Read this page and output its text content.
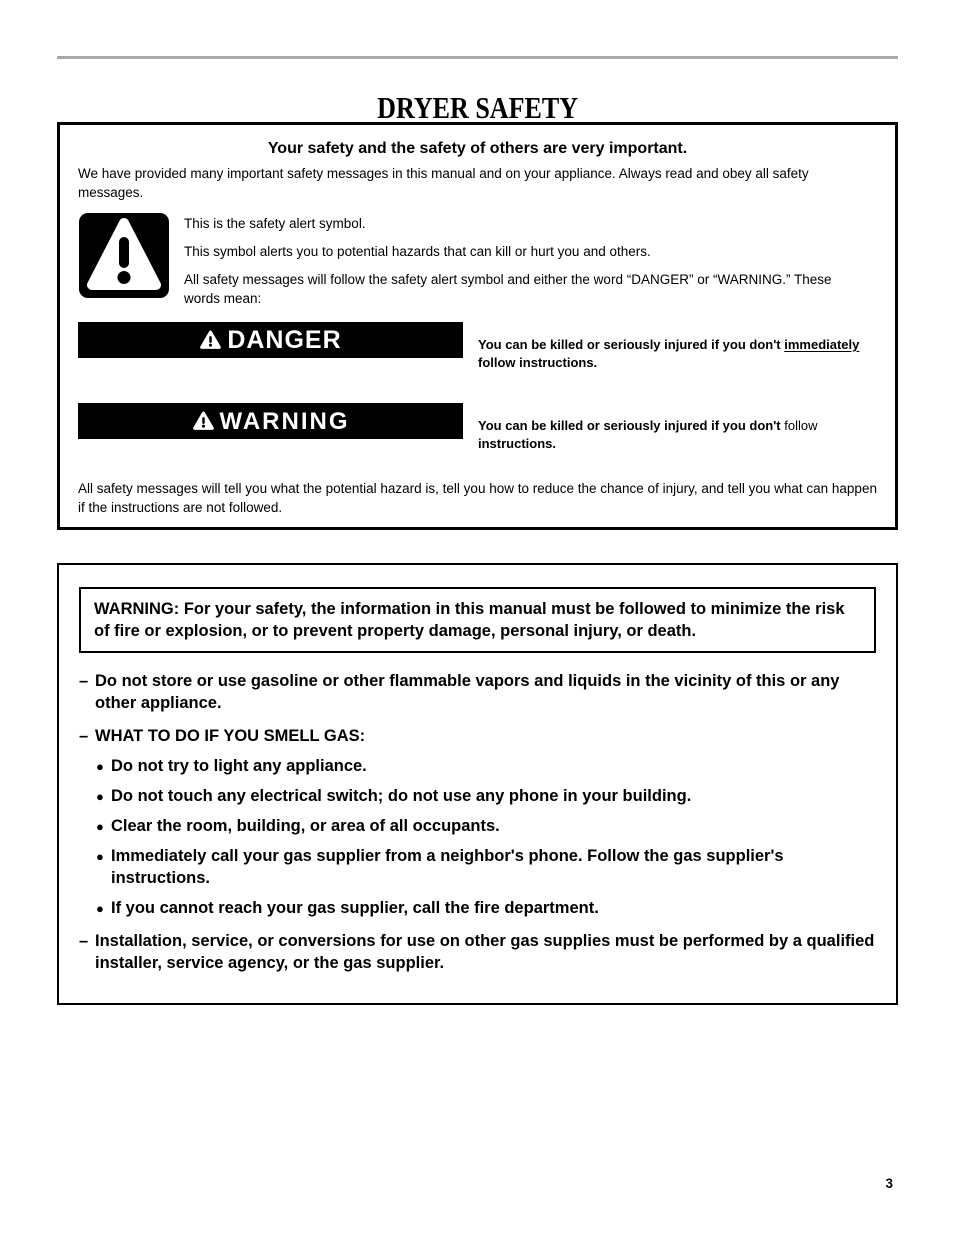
DRYER SAFETY
Your safety and the safety of others are very important.

We have provided many important safety messages in this manual and on your appliance. Always read and obey all safety messages.

This is the safety alert symbol.

This symbol alerts you to potential hazards that can kill or hurt you and others.

All safety messages will follow the safety alert symbol and either the word “DANGER” or “WARNING.” These words mean:

DANGER	You can be killed or seriously injured if you don't immediately
follow instructions.

WARNING	You can be killed or seriously injured if you don't follow
instructions.

All safety messages will tell you what the potential hazard is, tell you how to reduce the chance of injury, and tell you what can happen if the instructions are not followed.

WARNING: For your safety, the information in this manual must be followed to minimize the risk of fire or explosion, or to prevent property damage, personal injury, or death.
– Do not store or use gasoline or other flammable vapors and liquids in the vicinity of this or any other appliance.
– WHAT TO DO IF YOU SMELL GAS:
● Do not try to light any appliance.
● Do not touch any electrical switch; do not use any phone in your building.
● Clear the room, building, or area of all occupants.
● Immediately call your gas supplier from a neighbor's phone. Follow the gas supplier's instructions.
● If you cannot reach your gas supplier, call the fire department.
– Installation, service, or conversions for use on other gas supplies must be performed by a qualified installer, service agency, or the gas supplier.
3
